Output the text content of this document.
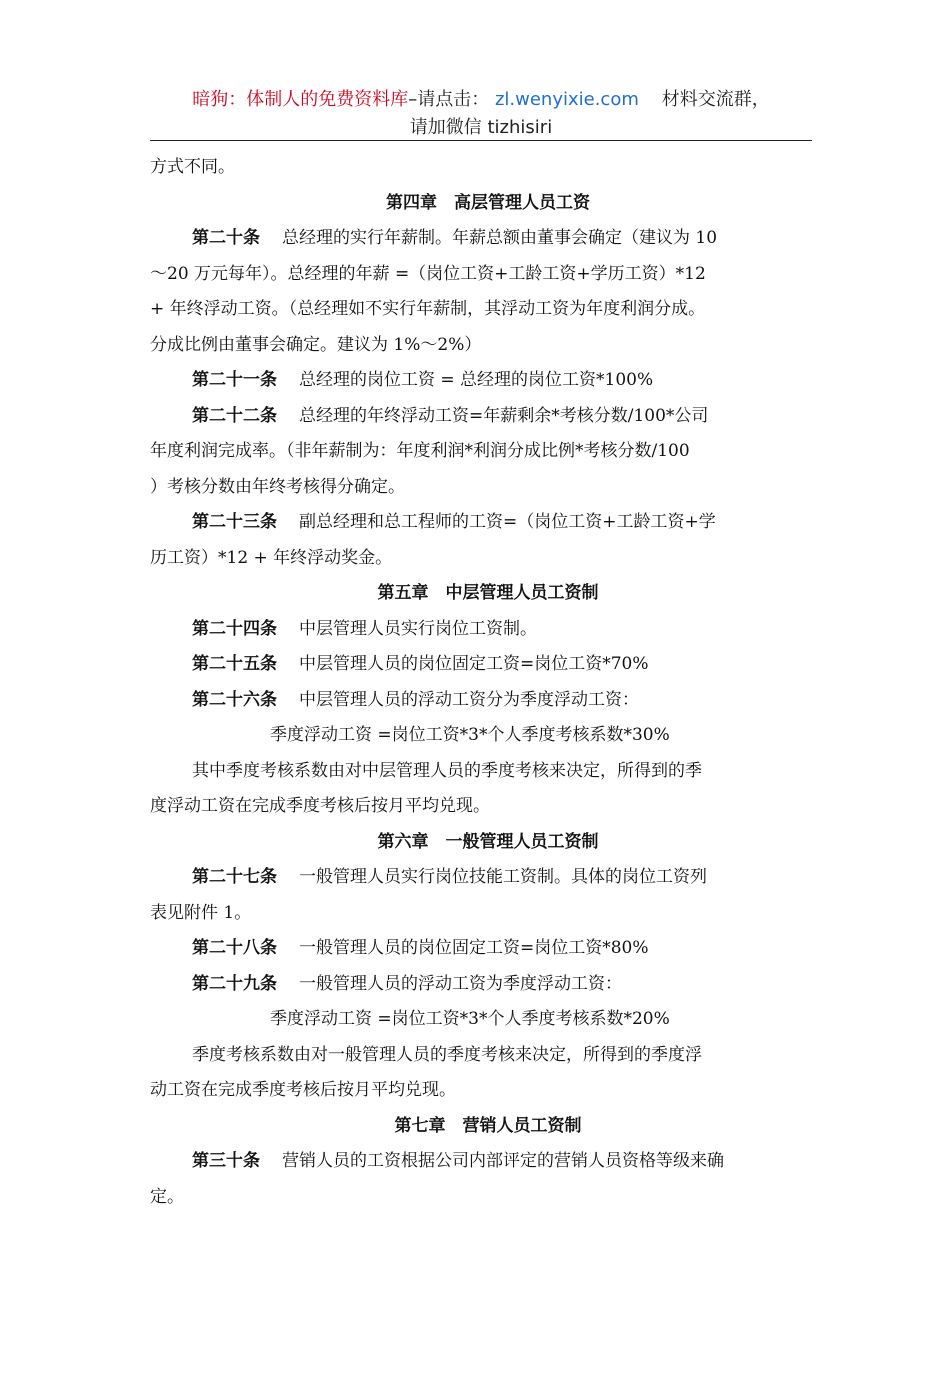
暗狗：体制人的免费资料库–请点击： zl.wenyixie.com 材料交流群，
请加微信 tizhisiri
方式不同。
第四章　高层管理人员工资
第二十条 总经理的实行年薪制。年薪总额由董事会确定（建议为 10
～20 万元每年）。总经理的年薪 =（岗位工资+工龄工资+学历工资）*12
+ 年终浮动工资。（总经理如不实行年薪制，其浮动工资为年度利润分成。
分成比例由董事会确定。建议为 1%～2%）
第二十一条 总经理的岗位工资 = 总经理的岗位工资*100%
第二十二条 总经理的年终浮动工资=年薪剩余*考核分数/100*公司
年度利润完成率。（非年薪制为：年度利润*利润分成比例*考核分数/100
）考核分数由年终考核得分确定。
第二十三条 副总经理和总工程师的工资=（岗位工资+工龄工资+学
历工资）*12 + 年终浮动奖金。
第五章　中层管理人员工资制
第二十四条 中层管理人员实行岗位工资制。
第二十五条 中层管理人员的岗位固定工资=岗位工资*70%
第二十六条 中层管理人员的浮动工资分为季度浮动工资：
季度浮动工资 =岗位工资*3*个人季度考核系数*30%
其中季度考核系数由对中层管理人员的季度考核来决定，所得到的季
度浮动工资在完成季度考核后按月平均兑现。
第六章　一般管理人员工资制
第二十七条 一般管理人员实行岗位技能工资制。具体的岗位工资列
表见附件 1。
第二十八条 一般管理人员的岗位固定工资=岗位工资*80%
第二十九条 一般管理人员的浮动工资为季度浮动工资：
季度浮动工资 =岗位工资*3*个人季度考核系数*20%
季度考核系数由对一般管理人员的季度考核来决定，所得到的季度浮
动工资在完成季度考核后按月平均兑现。
第七章　营销人员工资制
第三十条 营销人员的工资根据公司内部评定的营销人员资格等级来确
定。
